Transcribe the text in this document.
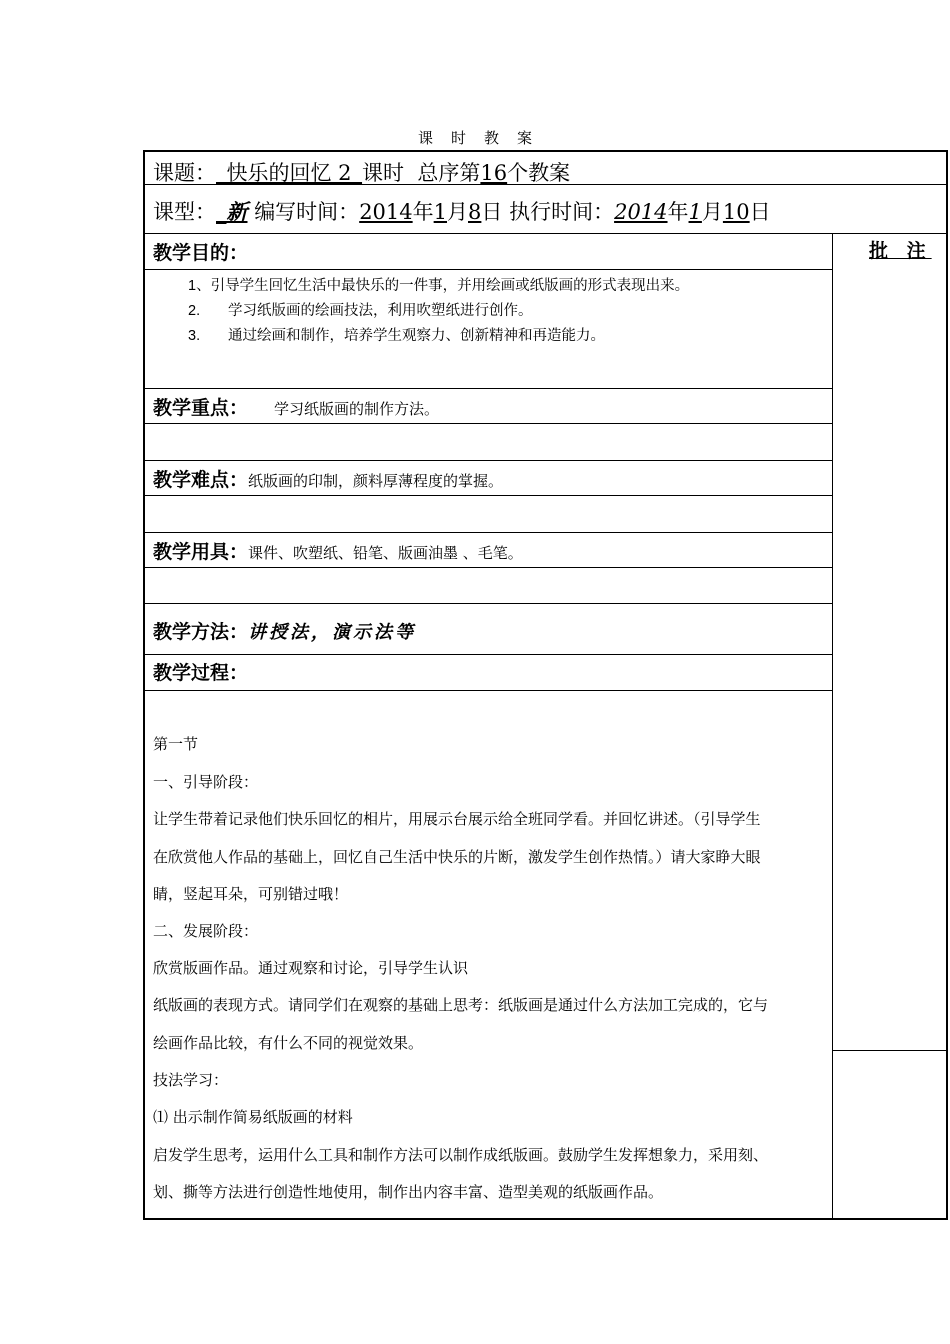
课 时 教 案
课题：_快乐的回忆 2_课时 总序第16个教案
课型：_新 编写时间：2014年1月8日 执行时间：2014年1月10日
批 注
教学目的：
1、引导学生回忆生活中最快乐的一件事，并用绘画或纸版画的形式表现出来。
2. 学习纸版画的绘画技法，利用吹塑纸进行创作。
3. 通过绘画和制作，培养学生观察力、创新精神和再造能力。
教学重点： 学习纸版画的制作方法。
教学难点：纸版画的印制，颜料厚薄程度的掌握。
教学用具：课件、吹塑纸、铅笔、版画油墨 、毛笔。
教学方法：讲授法，演示法等
教学过程：
第一节
一、引导阶段：
让学生带着记录他们快乐回忆的相片，用展示台展示给全班同学看。并回忆讲述。（引导学生
在欣赏他人作品的基础上，回忆自己生活中快乐的片断，激发学生创作热情。）请大家睁大眼
睛，竖起耳朵，可别错过哦！
二、发展阶段：
欣赏版画作品。通过观察和讨论，引导学生认识
纸版画的表现方式。请同学们在观察的基础上思考：纸版画是通过什么方法加工完成的，它与
绘画作品比较，有什么不同的视觉效果。
技法学习：
⑴ 出示制作简易纸版画的材料
启发学生思考，运用什么工具和制作方法可以制作成纸版画。鼓励学生发挥想象力，采用刻、
划、撕等方法进行创造性地使用，制作出内容丰富、造型美观的纸版画作品。
